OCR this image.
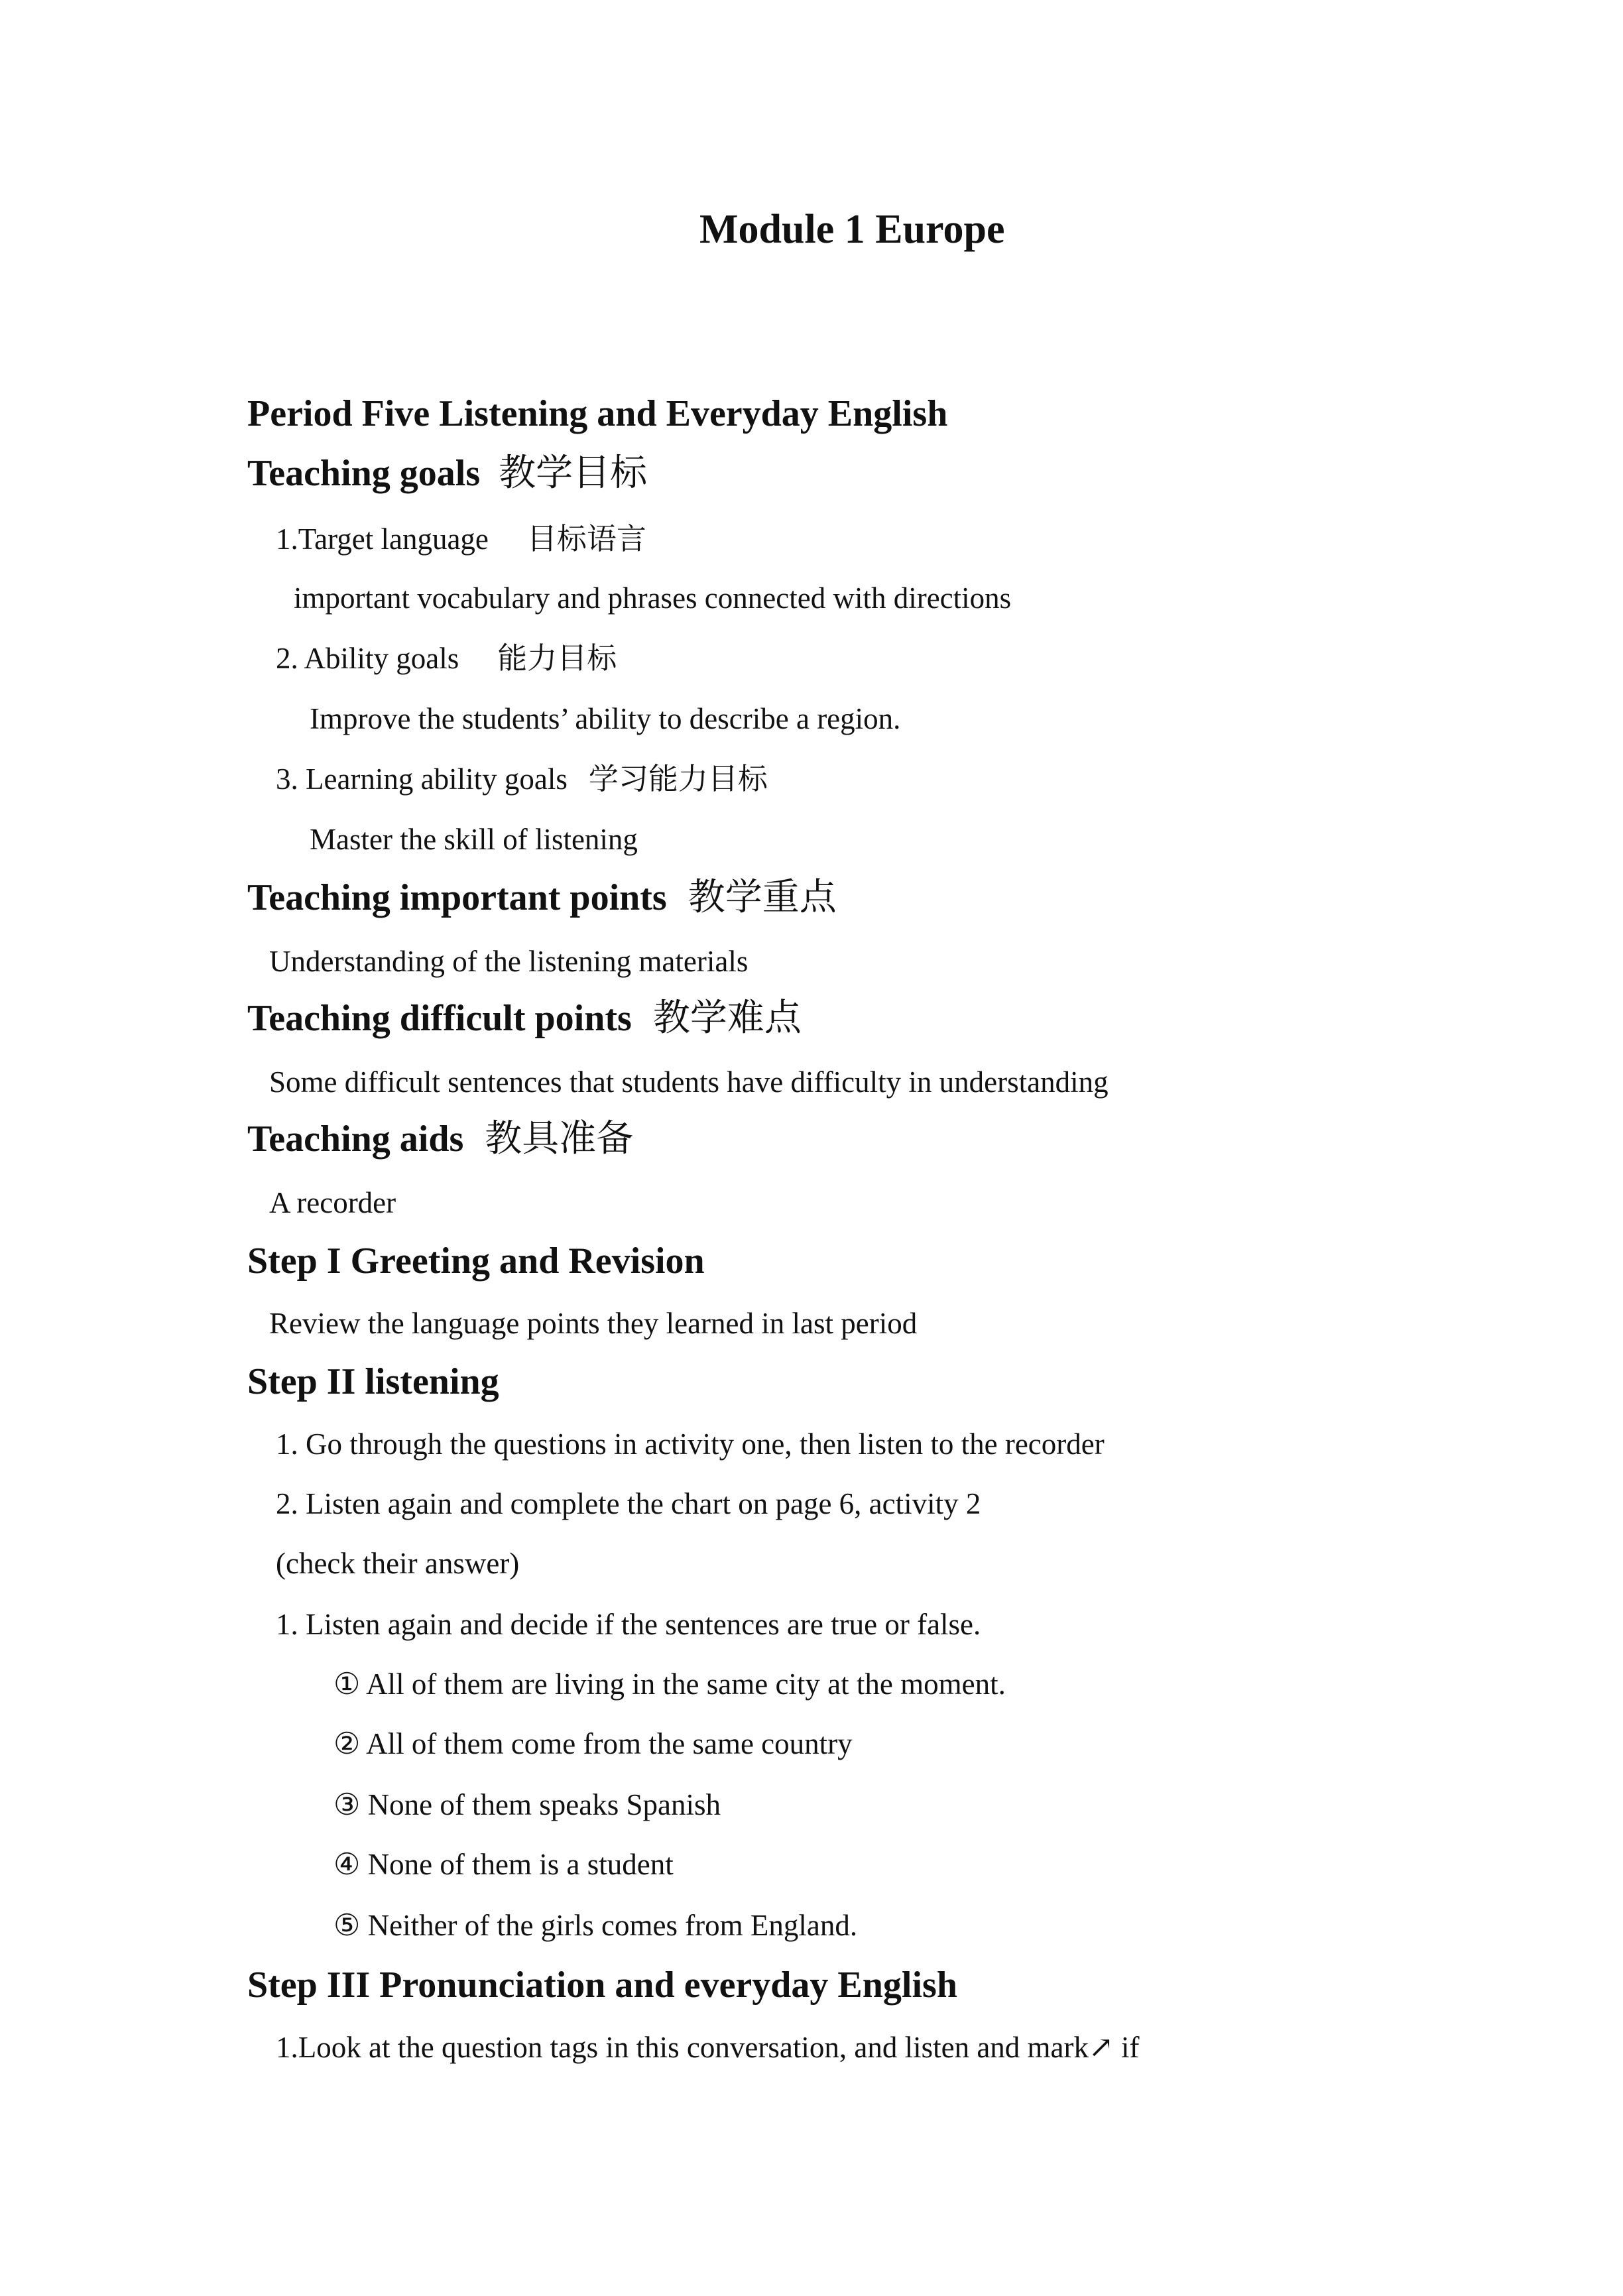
Module 1 Europe
Period Five Listening and Everyday English
Teaching goals 教学目标
1.Target language 目标语言
important vocabulary and phrases connected with directions
2. Ability goals 能力目标
Improve the students’ ability to describe a region.
3. Learning ability goals 学习能力目标
Master the skill of listening
Teaching important points 教学重点
Understanding of the listening materials
Teaching difficult points 教学难点
Some difficult sentences that students have difficulty in understanding
Teaching aids 教具准备
A recorder
Step I Greeting and Revision
Review the language points they learned in last period
Step II listening
1. Go through the questions in activity one, then listen to the recorder
2. Listen again and complete the chart on page 6, activity 2
(check their answer)
1. Listen again and decide if the sentences are true or false.
① All of them are living in the same city at the moment.
② All of them come from the same country
③ None of them speaks Spanish
④ None of them is a student
⑤ Neither of the girls comes from England.
Step III Pronunciation and everyday English
1.Look at the question tags in this conversation, and listen and mark↗ if
